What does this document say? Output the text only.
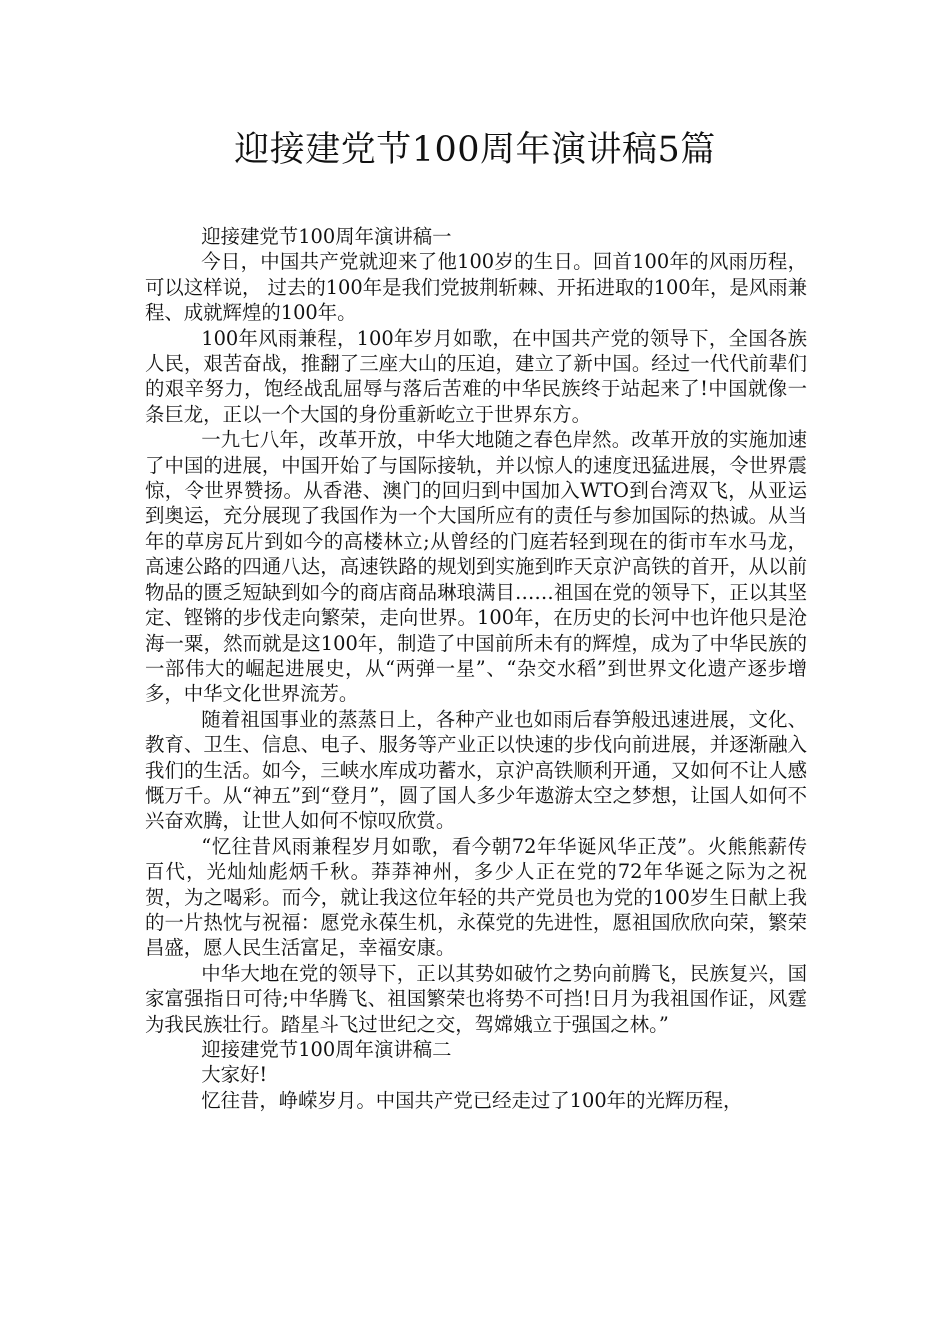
迎接建党节100周年演讲稿5篇

迎接建党节100周年演讲稿一

今日，中国共产党就迎来了他100岁的生日。回首100年的风雨历程，可以这样说， 过去的100年是我们党披荆斩棘、开拓进取的100年，是风雨兼程、成就辉煌的100年。

100年风雨兼程，100年岁月如歌，在中国共产党的领导下，全国各族人民，艰苦奋战，推翻了三座大山的压迫，建立了新中国。经过一代代前辈们的艰辛努力，饱经战乱屈辱与落后苦难的中华民族终于站起来了!中国就像一条巨龙，正以一个大国的身份重新屹立于世界东方。

一九七八年，改革开放，中华大地随之春色岸然。改革开放的实施加速了中国的进展，中国开始了与国际接轨，并以惊人的速度迅猛进展，令世界震惊，令世界赞扬。从香港、澳门的回归到中国加入WTO到台湾双飞，从亚运到奥运，充分展现了我国作为一个大国所应有的责任与参加国际的热诚。从当年的草房瓦片到如今的高楼林立;从曾经的门庭若轻到现在的街市车水马龙，高速公路的四通八达，高速铁路的规划到实施到昨天京沪高铁的首开，从以前物品的匮乏短缺到如今的商店商品琳琅满目……祖国在党的领导下，正以其坚定、铿锵的步伐走向繁荣，走向世界。100年，在历史的长河中也许他只是沧海一粟，然而就是这100年，制造了中国前所未有的辉煌，成为了中华民族的一部伟大的崛起进展史，从“两弹一星”、“杂交水稻”到世界文化遗产逐步增多，中华文化世界流芳。

随着祖国事业的蒸蒸日上，各种产业也如雨后春笋般迅速进展，文化、教育、卫生、信息、电子、服务等产业正以快速的步伐向前进展，并逐渐融入我们的生活。如今，三峡水库成功蓄水，京沪高铁顺利开通，又如何不让人感慨万千。从“神五”到“登月”，圆了国人多少年遨游太空之梦想，让国人如何不兴奋欢腾，让世人如何不惊叹欣赏。

“忆往昔风雨兼程岁月如歌，看今朝72年华诞风华正茂”。火熊熊薪传百代，光灿灿彪炳千秋。莽莽神州，多少人正在党的72年华诞之际为之祝贺，为之喝彩。而今，就让我这位年轻的共产党员也为党的100岁生日献上我的一片热忱与祝福：愿党永葆生机，永葆党的先进性，愿祖国欣欣向荣，繁荣昌盛，愿人民生活富足，幸福安康。

中华大地在党的领导下，正以其势如破竹之势向前腾飞，民族复兴，国家富强指日可待;中华腾飞、祖国繁荣也将势不可挡!日月为我祖国作证，风霆为我民族壮行。踏星斗飞过世纪之交，驾嫦娥立于强国之林。”

迎接建党节100周年演讲稿二

大家好!

忆往昔，峥嵘岁月。中国共产党已经走过了100年的光辉历程，
